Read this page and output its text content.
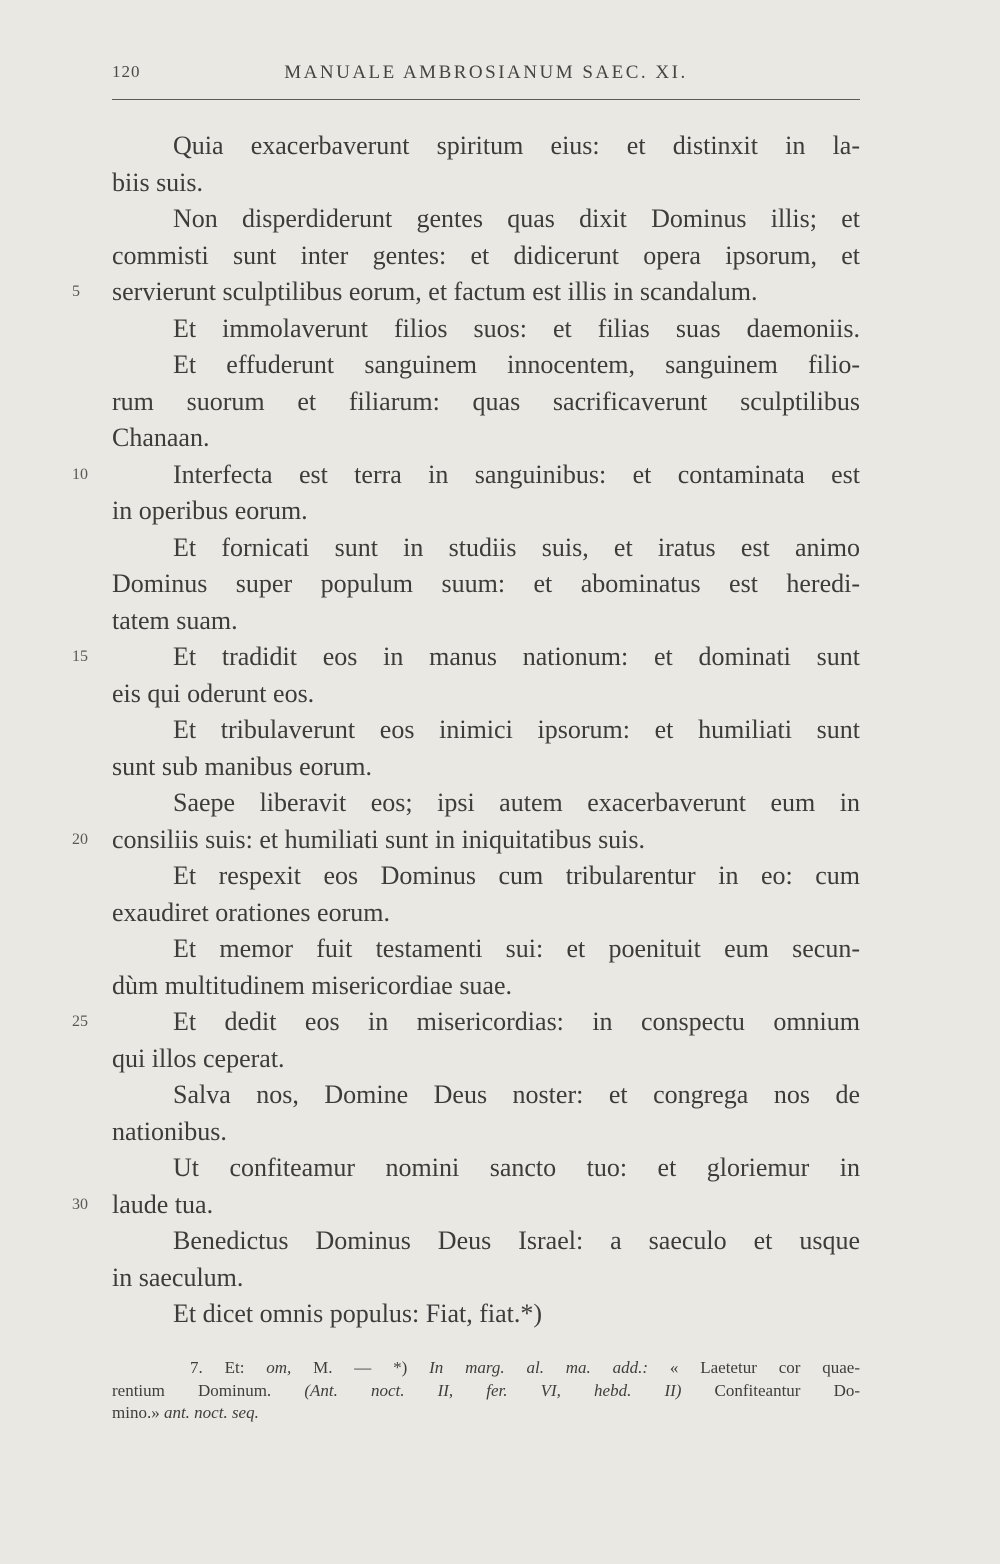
120	MANUALE AMBROSIANUM SAEC. XI.
Quia exacerbaverunt spiritum eius: et distinxit in la-
biis suis.
Non disperdiderunt gentes quas dixit Dominus illis; et
commisti sunt inter gentes: et didicerunt opera ipsorum, et
5	servierunt sculptilibus eorum, et factum est illis in scandalum.
Et immolaverunt filios suos: et filias suas daemoniis.
Et effuderunt sanguinem innocentem, sanguinem filio-
rum suorum et filiarum: quas sacrificaverunt sculptilibus
Chanaan.
10	Interfecta est terra in sanguinibus: et contaminata est
in operibus eorum.
Et fornicati sunt in studiis suis, et iratus est animo
Dominus super populum suum: et abominatus est heredi-
tatem suam.
15	Et tradidit eos in manus nationum: et dominati sunt
eis qui oderunt eos.
Et tribulaverunt eos inimici ipsorum: et humiliati sunt
sunt sub manibus eorum.
Saepe liberavit eos; ipsi autem exacerbaverunt eum in
20 consiliis suis: et humiliati sunt in iniquitatibus suis.
Et respexit eos Dominus cum tribularentur in eo: cum
exaudiret orationes eorum.
Et memor fuit testamenti sui: et poenituit eum secun-
dùm multitudinem misericordiae suae.
25	Et dedit eos in misericordias: in conspectu omnium
qui illos ceperat.
Salva nos, Domine Deus noster: et congrega nos de
nationibus.
Ut confiteamur nomini sancto tuo: et gloriemur in
30 laude tua.
Benedictus Dominus Deus Israel: a saeculo et usque
in saeculum.
Et dicet omnis populus: Fiat, fiat.*)
7. Et: om, M. — *) In marg. al. ma. add.: « Laetetur cor quae-
rentium Dominum. (Ant. noct. II, fer. VI, hebd. II) Confiteantur Do-
mino.» ant. noct. seq.
